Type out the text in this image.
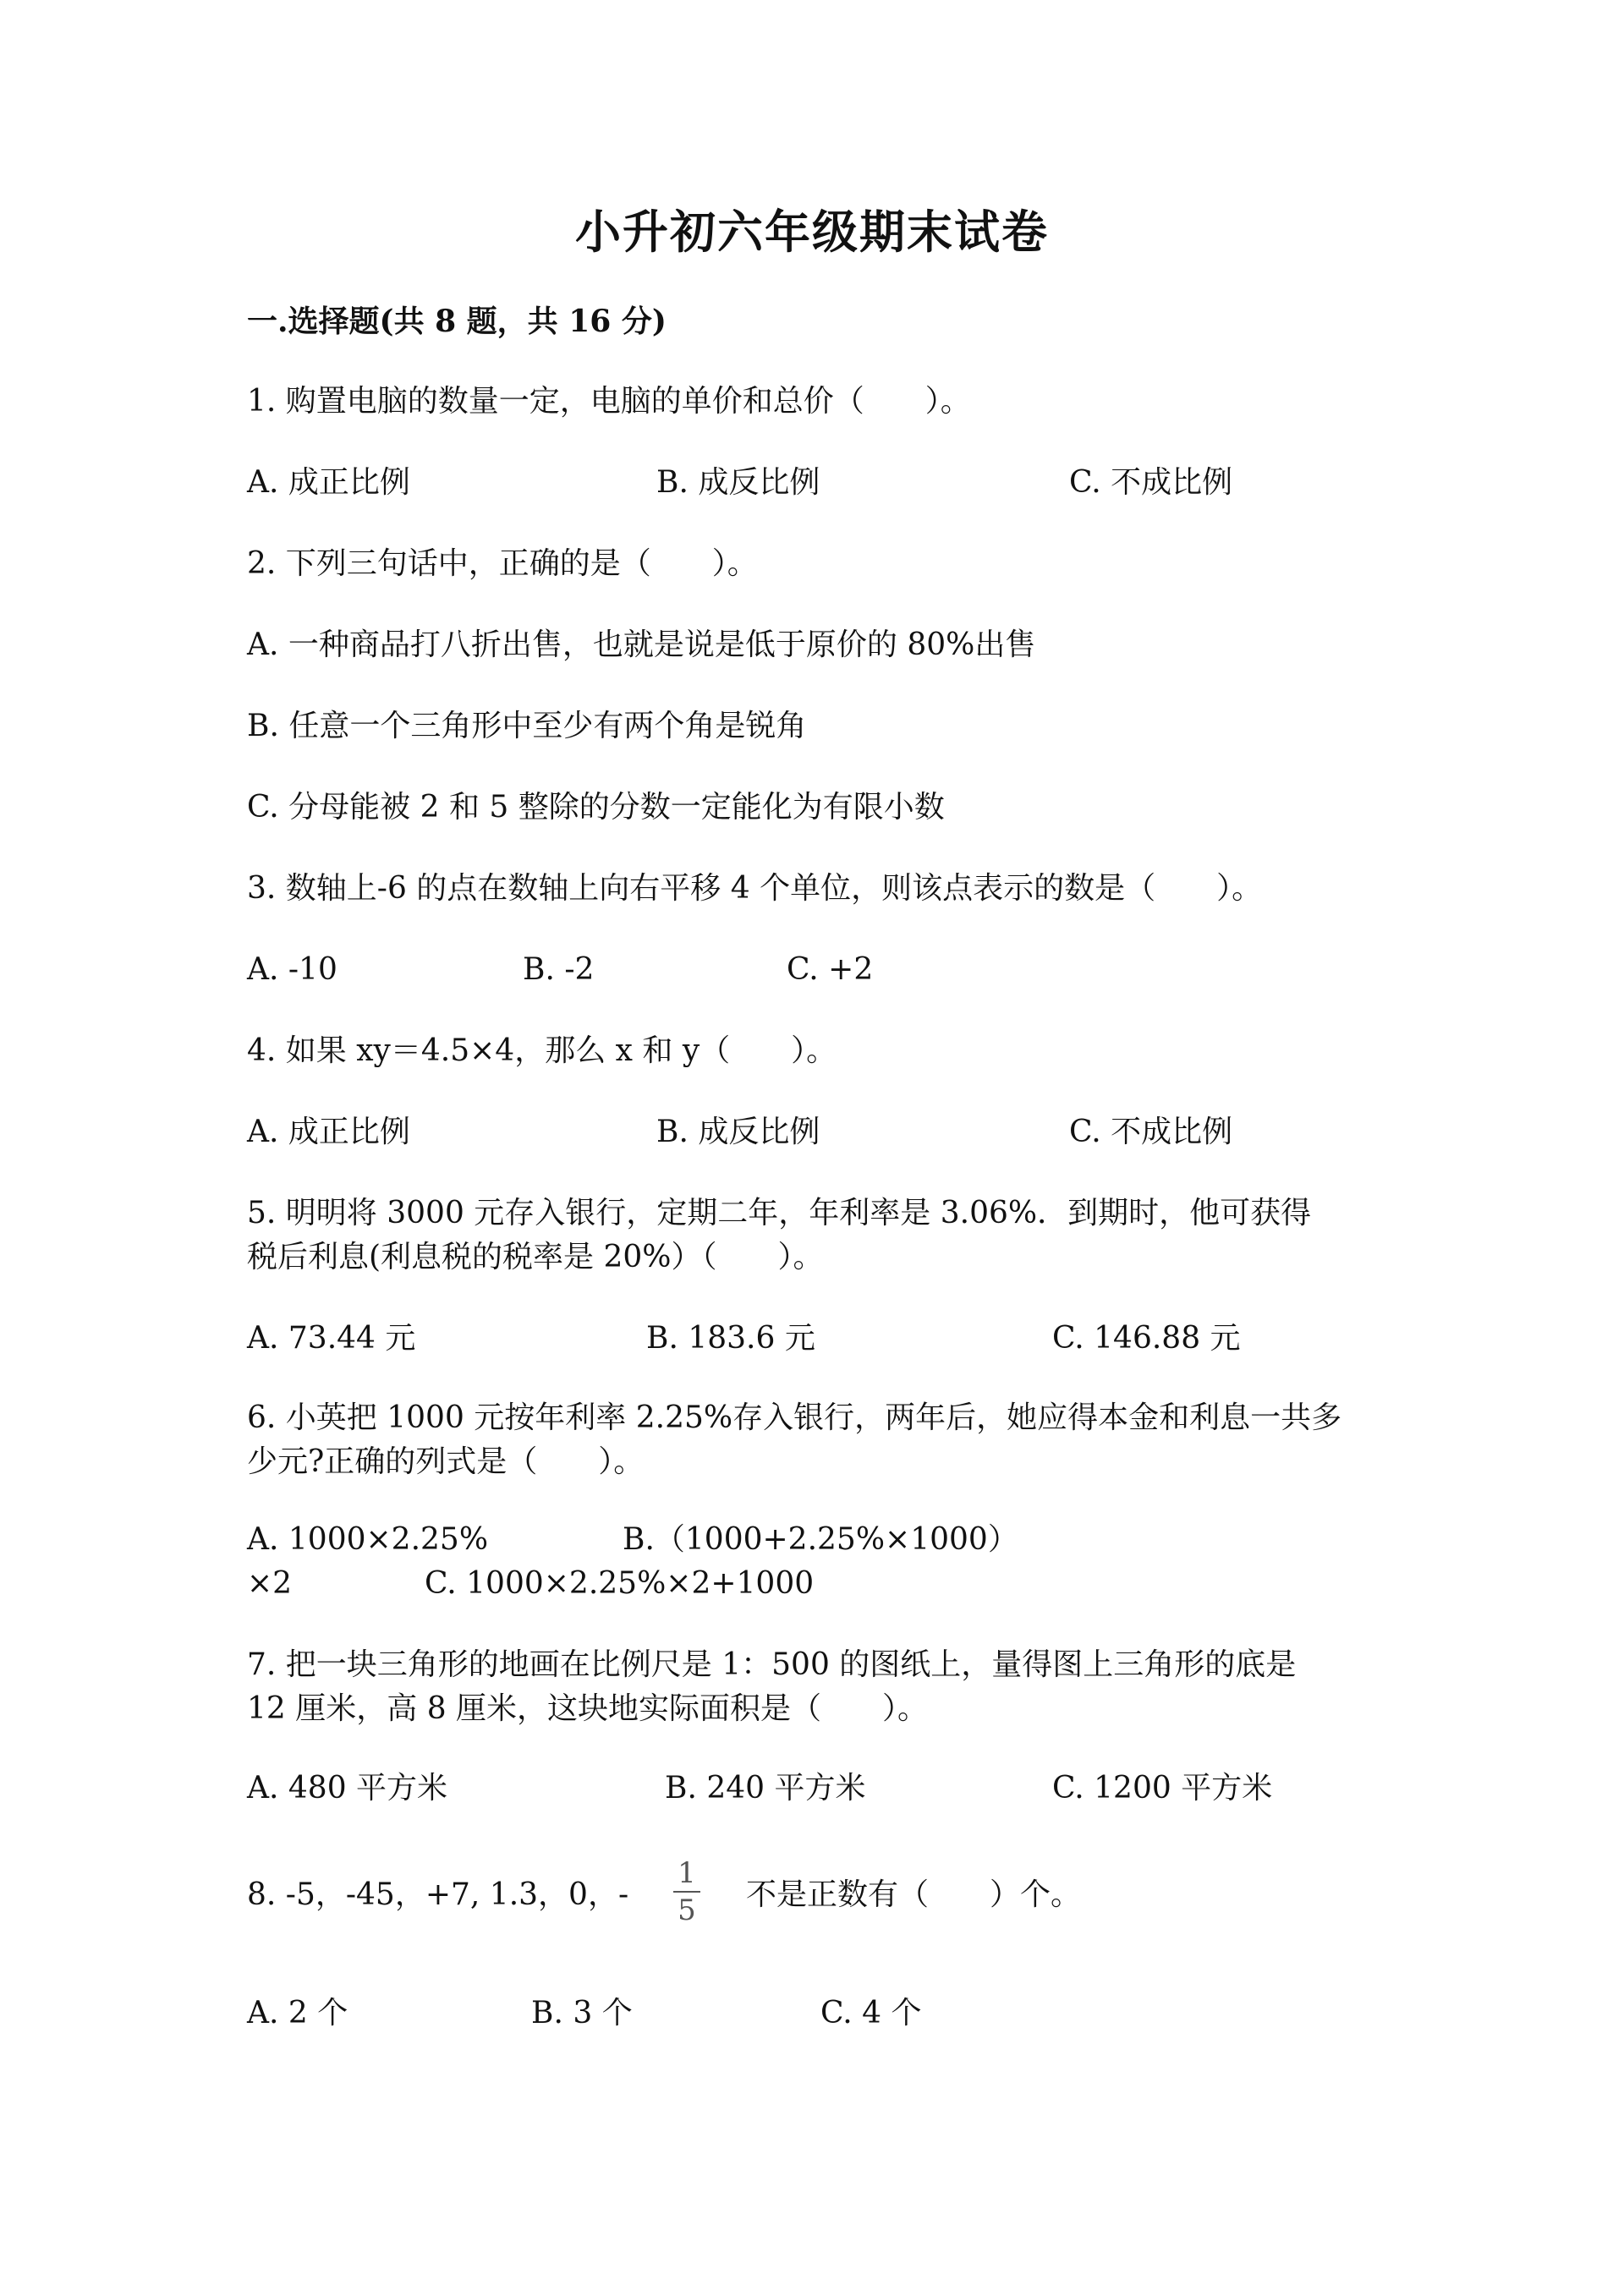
小升初六年级期末试卷
一.选择题(共 8 题，共 16 分)
1. 购置电脑的数量一定，电脑的单价和总价（　　）。
A. 成正比例	B. 成反比例	C. 不成比例
2. 下列三句话中，正确的是（　　）。
A. 一种商品打八折出售，也就是说是低于原价的 80%出售
B. 任意一个三角形中至少有两个角是锐角
C. 分母能被 2 和 5 整除的分数一定能化为有限小数
3. 数轴上-6 的点在数轴上向右平移 4 个单位，则该点表示的数是（　　）。
A. -10	B. -2	C. +2
4. 如果 xy＝4.5×4，那么 x 和 y（　　）。
A. 成正比例	B. 成反比例	C. 不成比例
5. 明明将 3000 元存入银行，定期二年，年利率是 3.06%．到期时，他可获得
税后利息(利息税的税率是 20%）（　　）。
A. 73.44 元	B. 183.6 元	C. 146.88 元
6. 小英把 1000 元按年利率 2.25%存入银行，两年后，她应得本金和利息一共多
少元?正确的列式是（　　）。
A. 1000×2.25%	B.（1000+2.25%×1000）
×2	C. 1000×2.25%×2+1000
7. 把一块三角形的地画在比例尺是 1：500 的图纸上，量得图上三角形的底是
12 厘米，高 8 厘米，这块地实际面积是（　　）。
A. 480 平方米	B. 240 平方米	C. 1200 平方米
8. -5，-45，+7, 1.3，0，-
1
5 不是正数有（　　）个。
A. 2 个	B. 3 个	C. 4 个
